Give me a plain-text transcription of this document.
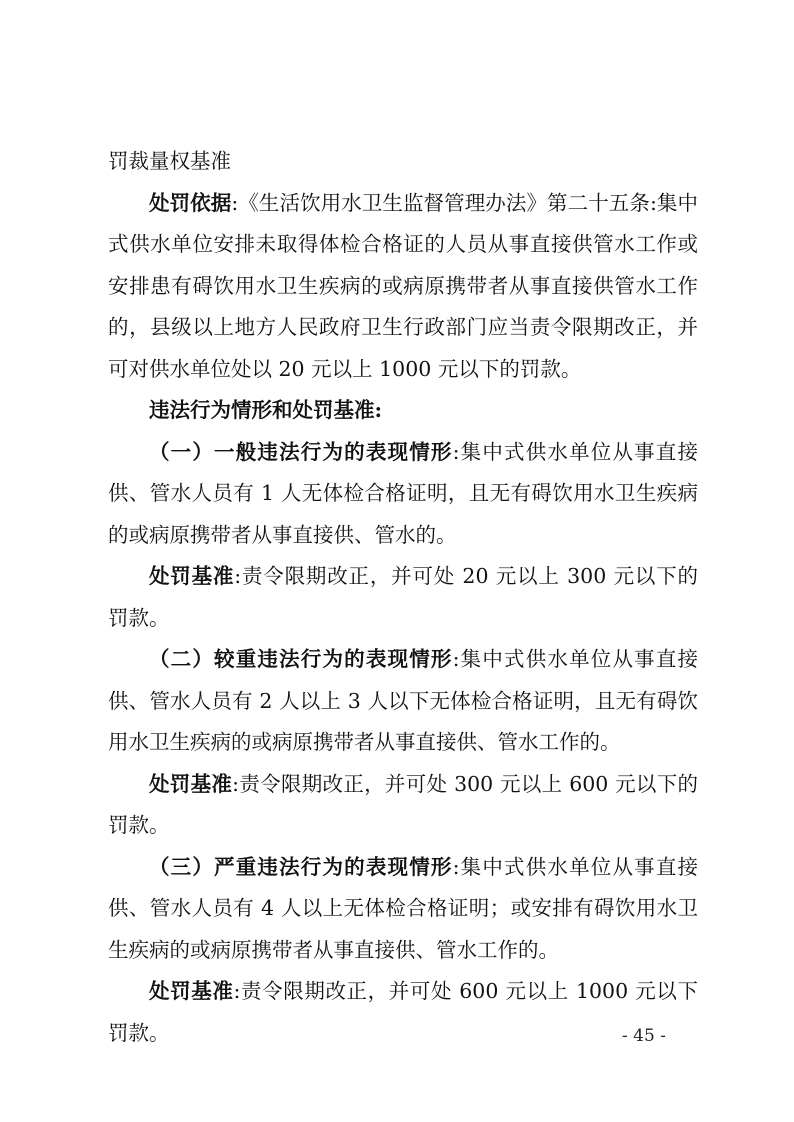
罚裁量权基准

处罚依据:《生活饮用水卫生监督管理办法》第二十五条:集中式供水单位安排未取得体检合格证的人员从事直接供管水工作或安排患有碍饮用水卫生疾病的或病原携带者从事直接供管水工作的，县级以上地方人民政府卫生行政部门应当责令限期改正，并可对供水单位处以 20 元以上 1000 元以下的罚款。

违法行为情形和处罚基准:

（一）一般违法行为的表现情形:集中式供水单位从事直接供、管水人员有 1 人无体检合格证明，且无有碍饮用水卫生疾病的或病原携带者从事直接供、管水的。

处罚基准:责令限期改正，并可处 20 元以上 300 元以下的罚款。

（二）较重违法行为的表现情形:集中式供水单位从事直接供、管水人员有 2 人以上 3 人以下无体检合格证明，且无有碍饮用水卫生疾病的或病原携带者从事直接供、管水工作的。

处罚基准:责令限期改正，并可处 300 元以上 600 元以下的罚款。

（三）严重违法行为的表现情形:集中式供水单位从事直接供、管水人员有 4 人以上无体检合格证明；或安排有碍饮用水卫生疾病的或病原携带者从事直接供、管水工作的。

处罚基准:责令限期改正，并可处 600 元以上 1000 元以下罚款。	- 45 -
